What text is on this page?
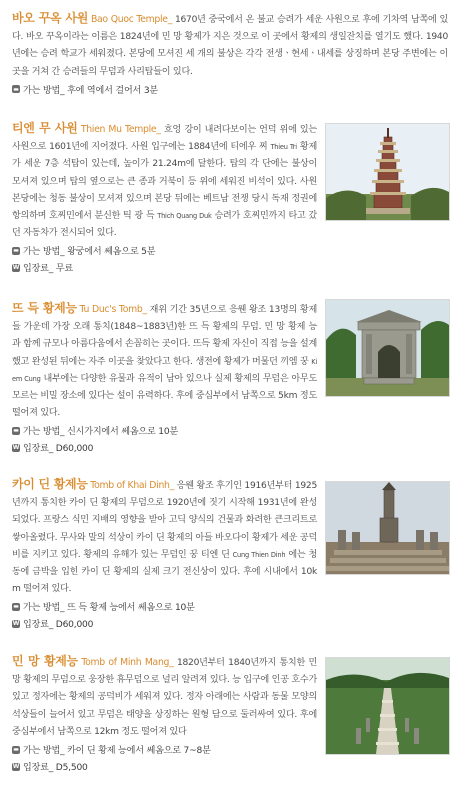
바오 꾸옥 사원 Bao Quoc Temple_ 1670년 중국에서 온 불교 승려가 세운 사원으로 후에 기차역 남쪽에 있다. 바오 꾸옥이라는 이름은 1824년에 민 망 황제가 지은 것으로 이 곳에서 황제의 생일잔치를 열기도 했다. 1940년에는 승려 학교가 세워졌다. 본당에 모셔진 세 개의 불상은 각각 전생ㆍ현세ㆍ내세를 상징하며 본당 주변에는 이곳을 거쳐 간 승려들의 무덤과 사리탑들이 있다.

▬ 가는 방법_ 후에 역에서 걸어서 3분

티엔 무 사원 Thien Mu Temple_ 흐엉 강이 내려다보이는 언덕 위에 있는 사원으로 1601년에 지어졌다. 사원 입구에는 1884년에 티에우 찌 Thieu Tri 황제가 세운 7층 석탑이 있는데, 높이가 21.24m에 달한다. 탑의 각 단에는 불상이 모셔져 있으며 탑의 옆으로는 큰 종과 거북이 등 위에 세워진 비석이 있다. 사원 본당에는 청동 불상이 모셔져 있으며 본당 뒤에는 베트남 전쟁 당시 독재 정권에 항의하며 호찌민에서 분신한 틱 광 득 Thich Quang Duk 승려가 호찌민까지 타고 갔던 자동차가 전시되어 있다.

▬ 가는 방법_ 왕궁에서 쎄옴으로 5분
W 입장료_ 무료

뜨 득 황제능 Tu Duc's Tomb_ 재위 기간 35년으로 응웬 왕조 13명의 황제들 가운데 가장 오래 통치(1848~1883년)한 뜨 득 황제의 무덤. 민 망 황제 능과 함께 규모나 아름다움에서 손꼽히는 곳이다. 뜨득 황제 자신이 직접 능을 설계했고 완성된 뒤에는 자주 이곳을 찾았다고 한다. 생전에 황제가 머물던 끼엠 꿍 Kiem Cung 내부에는 다양한 유물과 유적이 남아 있으나 실제 황제의 무덤은 아무도 모르는 비밀 장소에 있다는 설이 유력하다. 후에 중심부에서 남쪽으로 5km 정도 떨어져 있다.

▬ 가는 방법_ 신시가지에서 쎄옴으로 10분
W 입장료_ D60,000

카이 딘 황제능 Tomb of Khai Dinh_ 응웬 왕조 후기인 1916년부터 1925년까지 통치한 카이 딘 황제의 무덤으로 1920년에 짓기 시작해 1931년에 완성되었다. 프랑스 식민 지배의 영향을 받아 고딕 양식의 건물과 화려한 큰크리트로 쌓아올렸다. 무사와 말의 석상이 카이 딘 황제의 아들 바오다이 황제가 세운 공덕비를 지키고 있다. 황제의 유해가 있는 무덤인 꿍 티엔 딘 Cung Thien Dinh 에는 청동에 금박을 입힌 카이 딘 황제의 실제 크기 전신상이 있다. 후에 시내에서 10km 떨어져 있다.

▬ 가는 방법_ 뜨 득 황제 능에서 쎄옴으로 10분
W 입장료_ D60,000

민 망 황제능 Tomb of Minh Mang_ 1820년부터 1840년까지 통치한 민 망 황제의 무덤으로 웅장한 휴무덤으로 널리 알려져 있다. 능 입구에 인공 호수가 있고 정자에는 황제의 공덕비가 세워져 있다. 정자 아래에는 사람과 동물 모양의 석상들이 늘어서 있고 무덤은 태양을 상징하는 원형 담으로 둘러싸여 있다. 후에 중심부에서 남쪽으로 12km 정도 떨어져 있다

▬ 가는 방법_ 카이 딘 황제 능에서 쎄옴으로 7~8분
W 입장료_ D5,500
